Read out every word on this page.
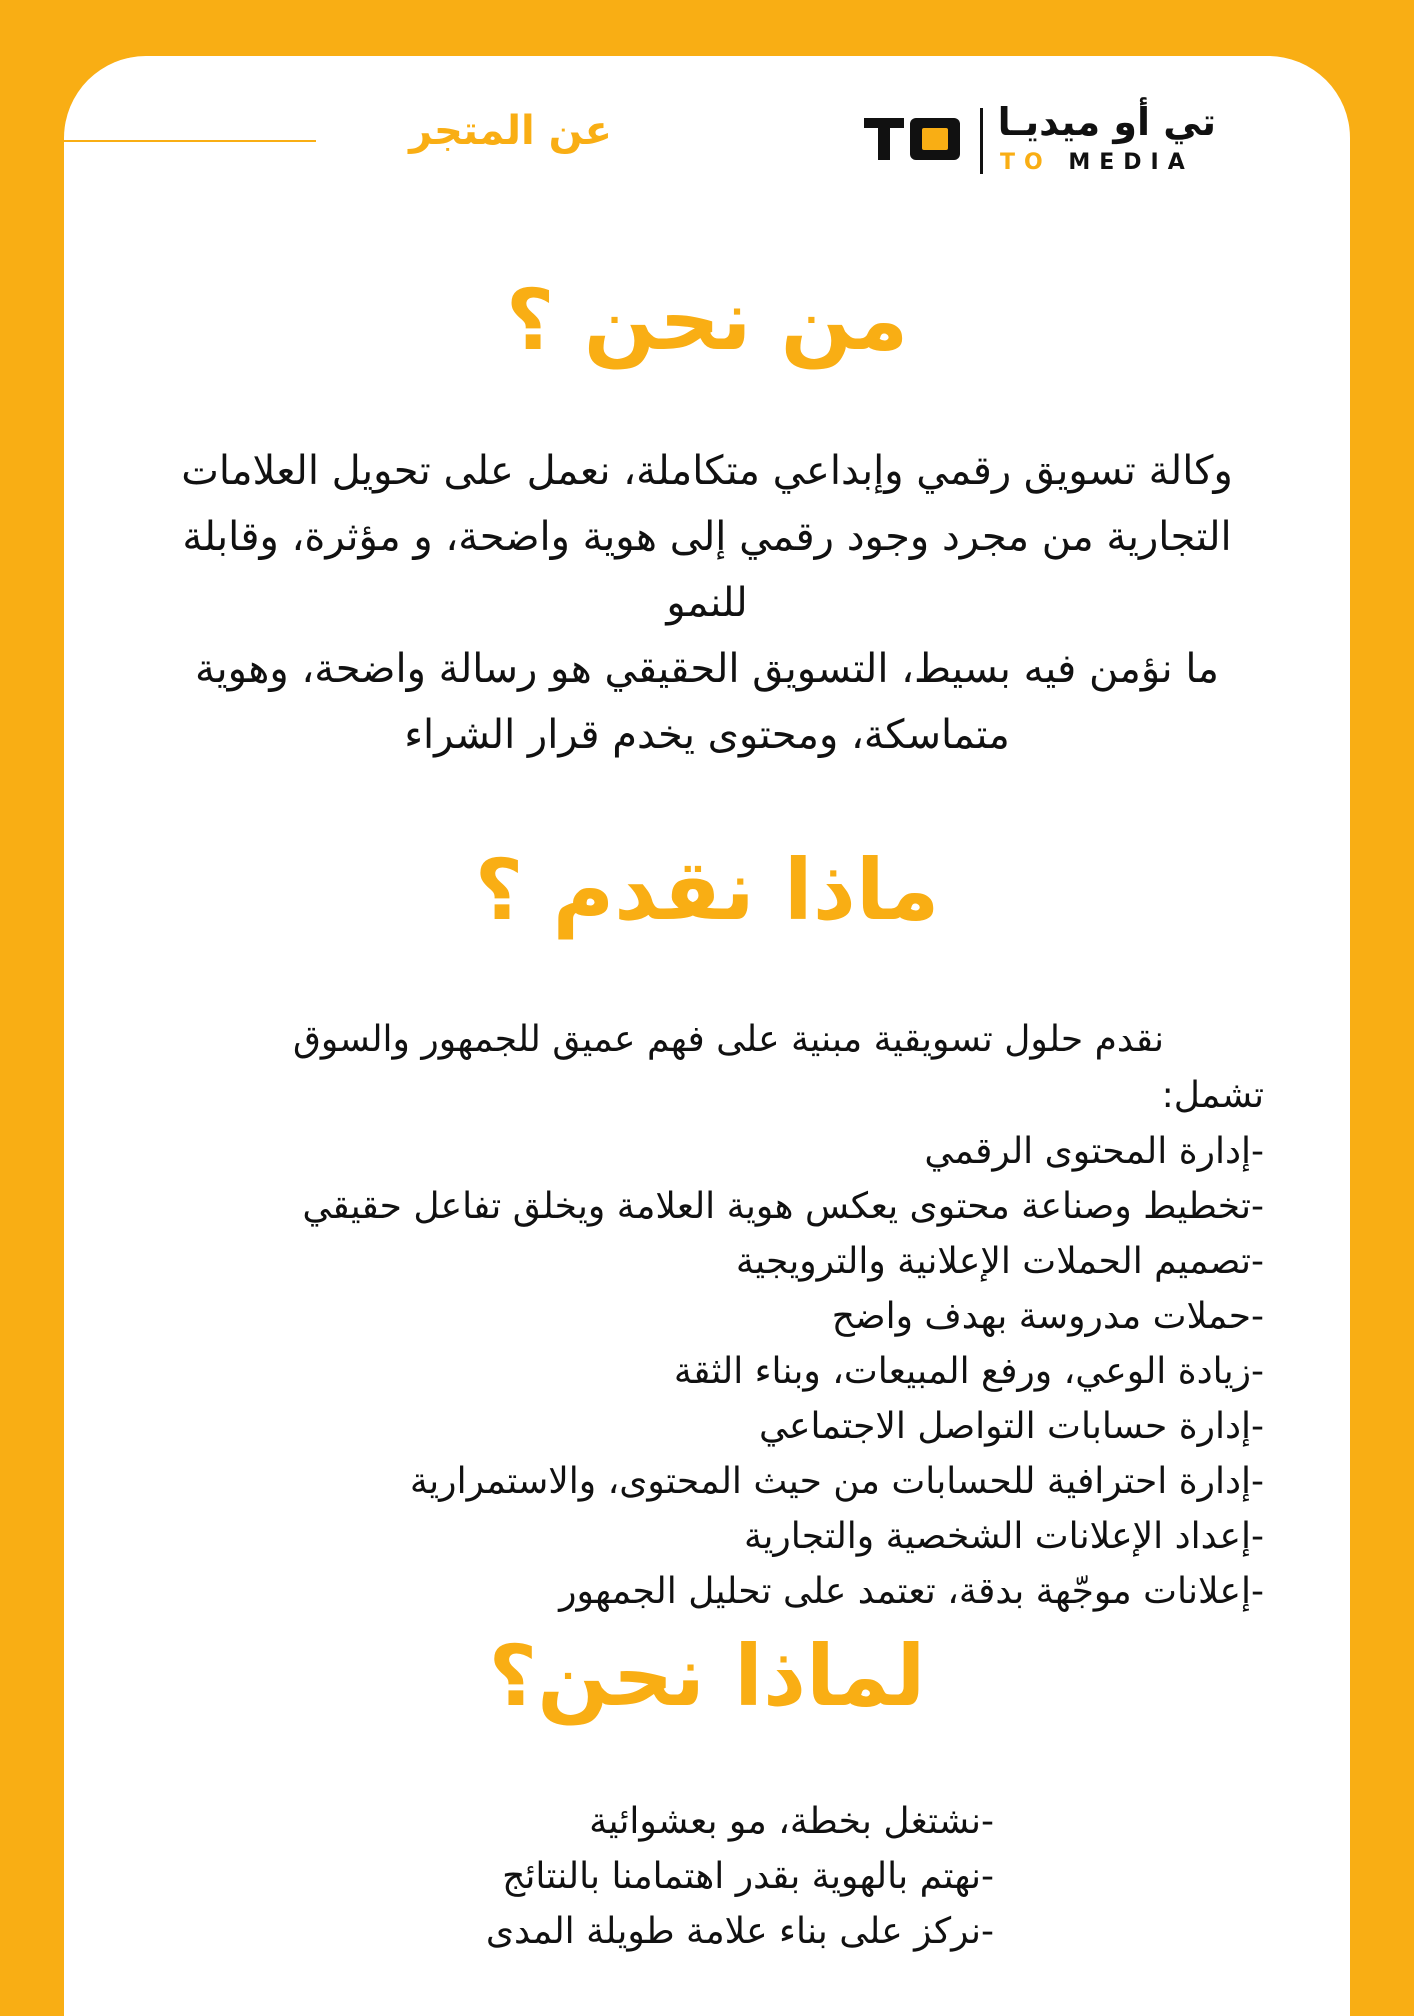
عن المتجر	تي أو ميديـا
TO MEDIA
من نحن ؟

وكالة تسويق رقمي وإبداعي متكاملة، نعمل على تحويل العلامات التجارية من مجرد وجود رقمي إلى هوية واضحة، و مؤثرة، وقابلة للنمو

ما نؤمن فيه بسيط، التسويق الحقيقي هو رسالة واضحة، وهوية

متماسكة، ومحتوى يخدم قرار الشراء

ماذا نقدم ؟
نقدم حلول تسويقية مبنية على فهم عميق للجمهور والسوق
تشمل:
-إدارة المحتوى الرقمي
-تخطيط وصناعة محتوى يعكس هوية العلامة ويخلق تفاعل حقيقي
-تصميم الحملات الإعلانية والترويجية
-حملات مدروسة بهدف واضح
-زيادة الوعي، ورفع المبيعات، وبناء الثقة
-إدارة حسابات التواصل الاجتماعي
-إدارة احترافية للحسابات من حيث المحتوى، والاستمرارية
-إعداد الإعلانات الشخصية والتجارية
-إعلانات موجّهة بدقة، تعتمد على تحليل الجمهور
لماذا نحن؟
-نشتغل بخطة، مو بعشوائية
-نهتم بالهوية بقدر اهتمامنا بالنتائج
-نركز على بناء علامة طويلة المدى
